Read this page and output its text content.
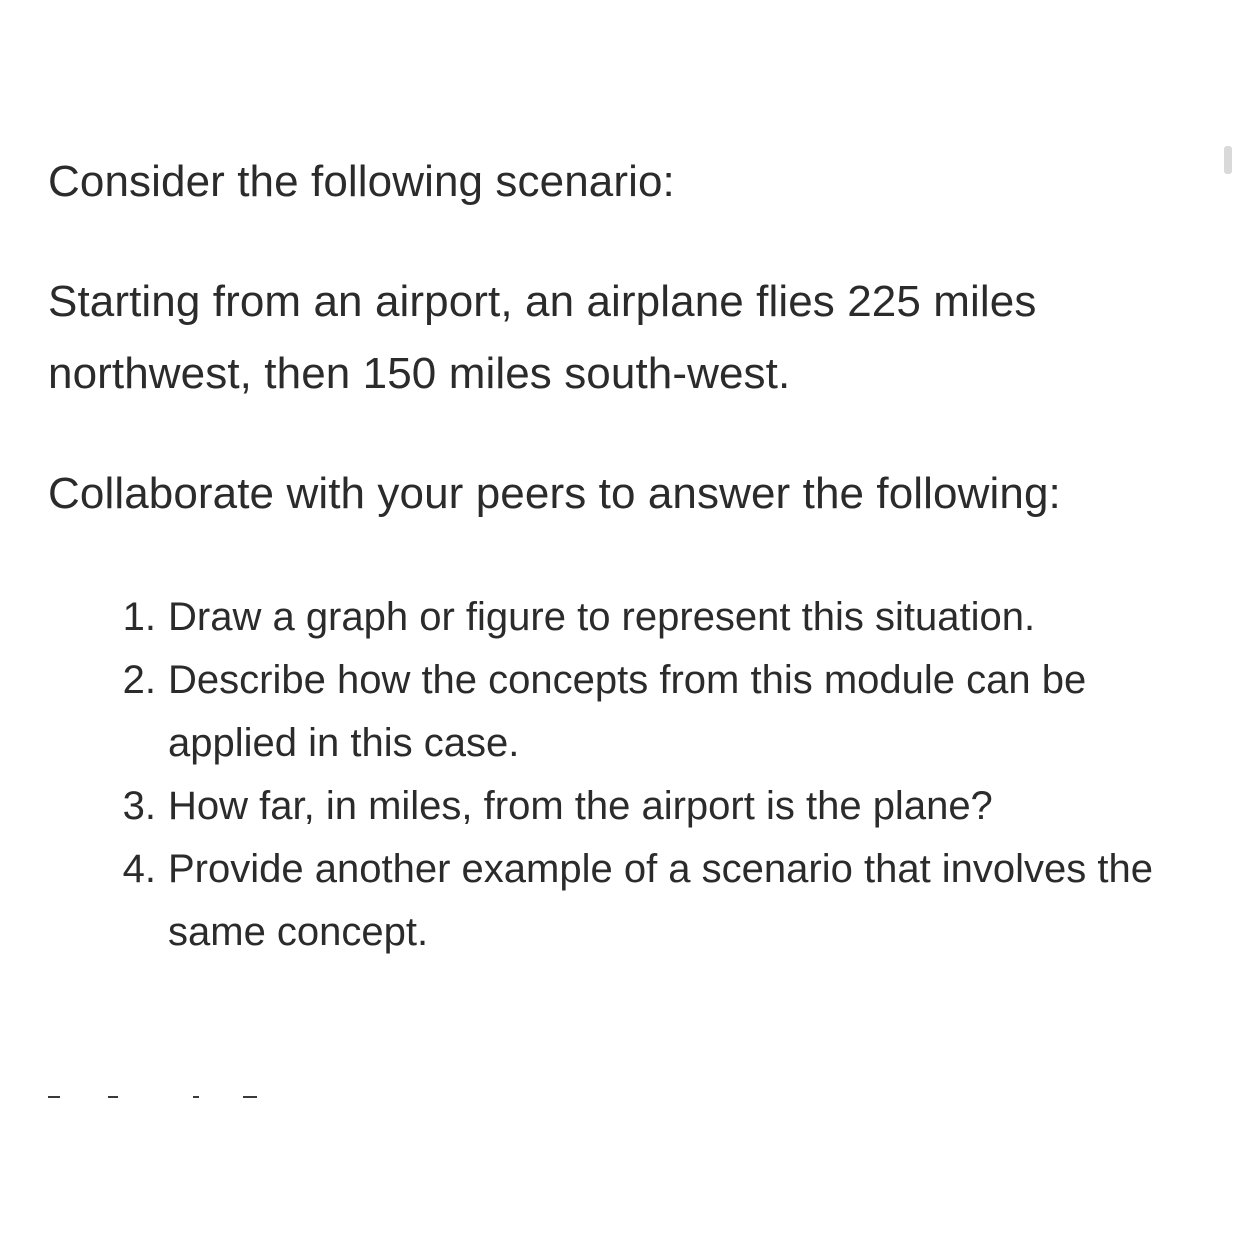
Consider the following scenario:

Starting from an airport, an airplane flies 225 miles northwest, then 150 miles south-west.

Collaborate with your peers to answer the following:

1. Draw a graph or figure to represent this situation.
2. Describe how the concepts from this module can be applied in this case.
3. How far, in miles, from the airport is the plane?
4. Provide another example of a scenario that involves the same concept.
